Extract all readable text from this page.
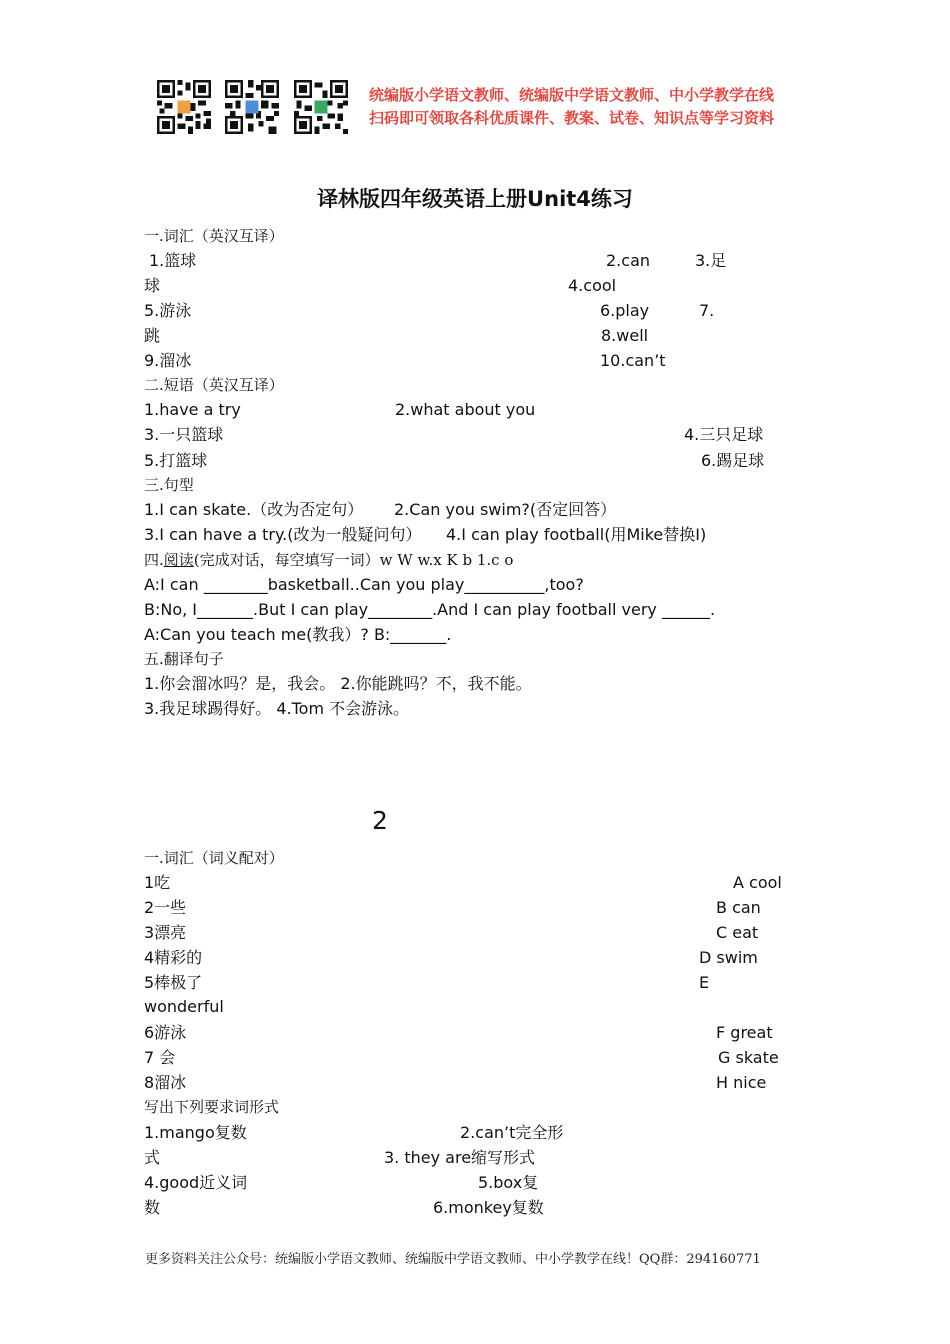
统编版小学语文教师、统编版中学语文教师、中小学教学在线
扫码即可领取各科优质课件、教案、试卷、知识点等学习资料
译林版四年级英语上册Unit4练习
一.词汇（英汉互译）
1.篮球	2.can	3.足
球	4.cool
5.游泳	6.play	7.
跳	8.well
9.溜冰	10.can’t
二.短语（英汉互译）
1.have a try	2.what about you
3.一只篮球	4.三只足球
5.打篮球	6.踢足球
三.句型
1.I can skate.（改为否定句） 2.Can you swim?(否定回答）
3.I can have a try.(改为一般疑问句） 4.I can play football(用Mike替换I)
四.阅读(完成对话，每空填写一词）w W w.x K b 1.c o
A:I can ________basketball..Can you play__________,too?
B:No, I_______.But I can play________.And I can play football very ______.
A:Can you teach me(教我）? B:_______.
五.翻译句子
1.你会溜冰吗？是，我会。 2.你能跳吗？不，我不能。
3.我足球踢得好。 4.Tom 不会游泳。
2
一.词汇（词义配对）
1吃	A cool
2一些	B can
3漂亮	C eat
4精彩的	D swim
5棒极了	E
wonderful
6游泳	F great
7 会	G skate
8溜冰	H nice
写出下列要求词形式
1.mango复数	2.can’t完全形
式	3. they are缩写形式
4.good近义词	5.box复
数	6.monkey复数
更多资料关注公众号：统编版小学语文教师、统编版中学语文教师、中小学教学在线！QQ群：294160771
